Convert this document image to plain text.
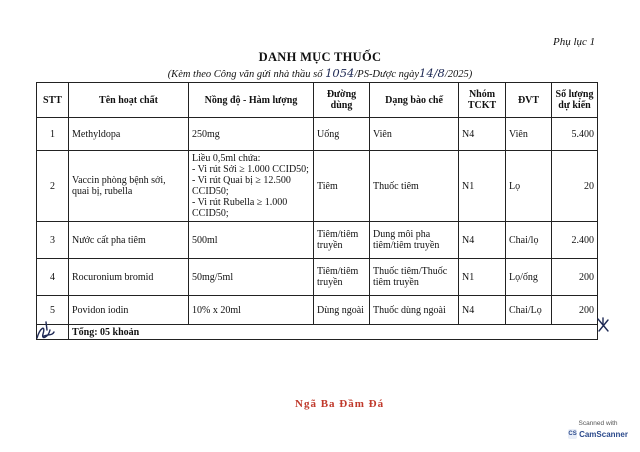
Phụ lục 1
DANH MỤC THUỐC
(Kèm theo Công văn gửi nhà thầu số 1054/PS-Dược ngày14/8/2025)
STT	Tên hoạt chất	Nồng độ - Hàm lượng	Đường dùng	Dạng bào chế	Nhóm TCKT	ĐVT	Số lượng dự kiến
1	Methyldopa	250mg	Uống	Viên	N4	Viên	5.400
2	Vaccin phòng bệnh sởi, quai bị, rubella	Liều 0,5ml chứa:
- Vi rút Sởi ≥ 1.000 CCID50;
- Vi rút Quai bị ≥ 12.500 CCID50;
- Vi rút Rubella ≥ 1.000 CCID50;	Tiêm	Thuốc tiêm	N1	Lọ	20
3	Nước cất pha tiêm	500ml	Tiêm/tiêm truyền	Dung môi pha tiêm/tiêm truyền	N4	Chai/lọ	2.400
4	Rocuronium bromid	50mg/5ml	Tiêm/tiêm truyền	Thuốc tiêm/Thuốc tiêm truyền	N1	Lọ/ống	200
5	Povidon iodin	10% x 20ml	Dùng ngoài	Thuốc dùng ngoài	N4	Chai/Lọ	200
	Tổng: 05 khoản						
Ngã Ba Đầm Đá
Scanned with
CS CamScanner
